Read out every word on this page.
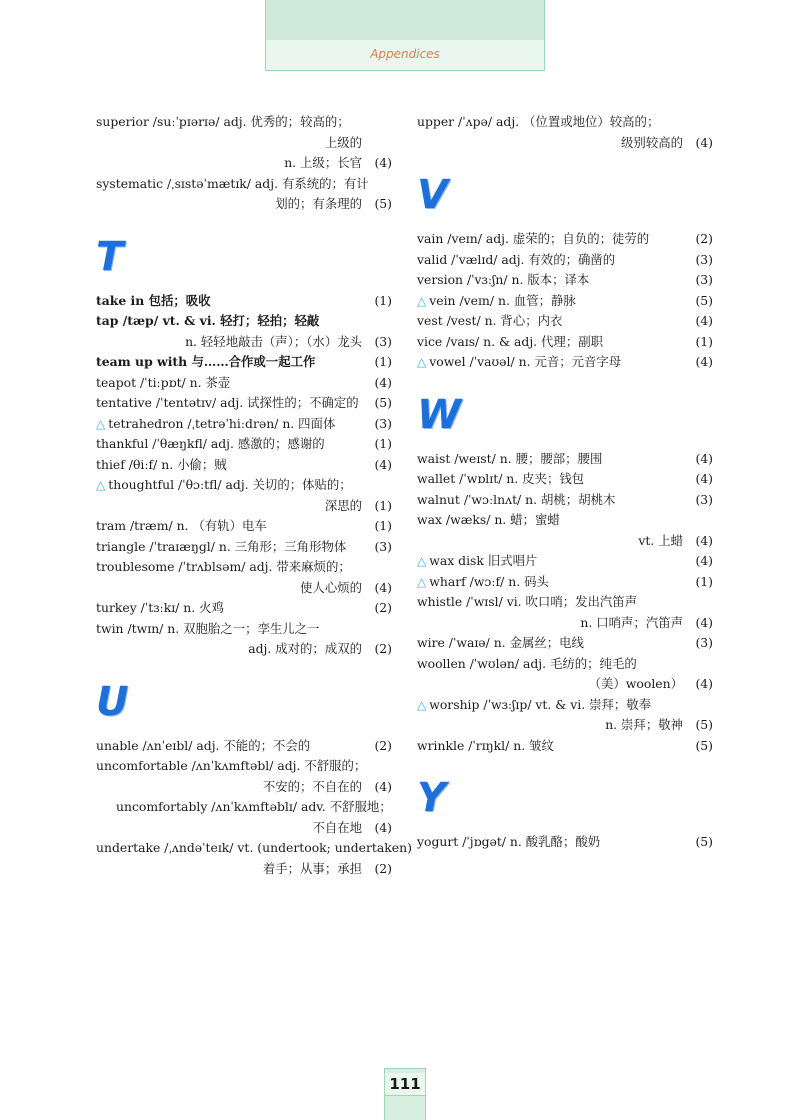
Appendices
superior /suːˈpɪərɪə/ adj. 优秀的；较高的；
上级的
n. 上级；长官 (4)
systematic /ˌsɪstəˈmætɪk/ adj. 有系统的；有计
划的；有条理的 (5)
T
take in 包括；吸收	(1)
tap /tæp/ vt. & vi. 轻打；轻拍；轻敲
n. 轻轻地敲击（声）；（水）龙头 (3)
team up with 与……合作或一起工作	(1)
teapot /ˈtiːpɒt/ n. 茶壶	(4)
tentative /ˈtentətɪv/ adj. 试探性的；不确定的 (5)
△ tetrahedron /ˌtetrəˈhiːdrən/ n. 四面体	(3)
thankful /ˈθæŋkfl/ adj. 感激的；感谢的	(1)
thief /θiːf/ n. 小偷；贼	(4)
△ thoughtful /ˈθɔːtfl/ adj. 关切的；体贴的；
深思的 (1)
tram /træm/ n. （有轨）电车	(1)
triangle /ˈtraɪæŋgl/ n. 三角形；三角形物体 (3)
troublesome /ˈtrʌblsəm/ adj. 带来麻烦的；
使人心烦的 (4)
turkey /ˈtɜːkɪ/ n. 火鸡	(2)
twin /twɪn/ n. 双胞胎之一；孪生儿之一
adj. 成对的；成双的 (2)
U
unable /ʌnˈeɪbl/ adj. 不能的；不会的	(2)
uncomfortable /ʌnˈkʌmftəbl/ adj. 不舒服的；
不安的；不自在的 (4)
uncomfortably /ʌnˈkʌmftəblɪ/ adv. 不舒服地；
不自在地 (4)
undertake /ˌʌndəˈteɪk/ vt. (undertook; undertaken)
着手；从事；承担 (2)
upper /ˈʌpə/ adj. （位置或地位）较高的；
级别较高的 (4)
V
vain /veɪn/ adj. 虚荣的；自负的；徒劳的	(2)
valid /ˈvælɪd/ adj. 有效的；确凿的	(3)
version /ˈvɜːʃn/ n. 版本；译本	(3)
△ vein /veɪn/ n. 血管；静脉	(5)
vest /vest/ n. 背心；内衣	(4)
vice /vaɪs/ n. & adj. 代理；副职	(1)
△ vowel /ˈvaʊəl/ n. 元音；元音字母	(4)
W
waist /weɪst/ n. 腰；腰部；腰围	(4)
wallet /ˈwɒlɪt/ n. 皮夹；钱包	(4)
walnut /ˈwɔːlnʌt/ n. 胡桃；胡桃木	(3)
wax /wæks/ n. 蜡；蜜蜡
vt. 上蜡 (4)
△ wax disk 旧式唱片	(4)
△ wharf /wɔːf/ n. 码头	(1)
whistle /ˈwɪsl/ vi. 吹口哨；发出汽笛声
n. 口哨声；汽笛声 (4)
wire /ˈwaɪə/ n. 金属丝；电线	(3)
woollen /ˈwʊlən/ adj. 毛纺的；纯毛的
（美）woolen） (4)
△ worship /ˈwɜːʃɪp/ vt. & vi. 崇拜；敬奉
n. 崇拜；敬神 (5)
wrinkle /ˈrɪŋkl/ n. 皱纹	(5)
Y
yogurt /ˈjɒgət/ n. 酸乳酪；酸奶	(5)
111
